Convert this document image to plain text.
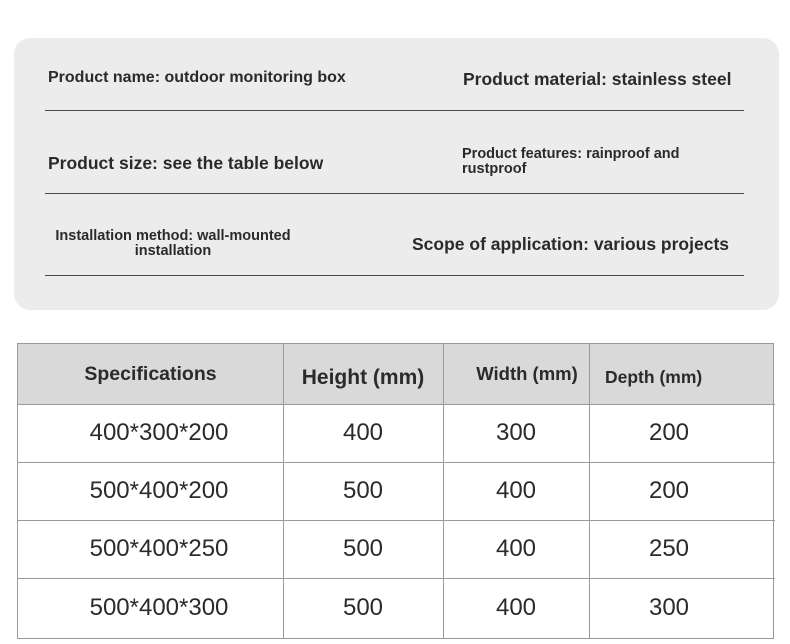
Product name: outdoor monitoring box	Product material: stainless steel
Product size: see the table below	Product features: rainproof and rustproof
Installation method: wall-mounted installation	Scope of application: various projects
Specifications	Height (mm)	Width (mm)	Depth (mm)
400*300*200	400	300	200
500*400*200	500	400	200
500*400*250	500	400	250
500*400*300	500	400	300
